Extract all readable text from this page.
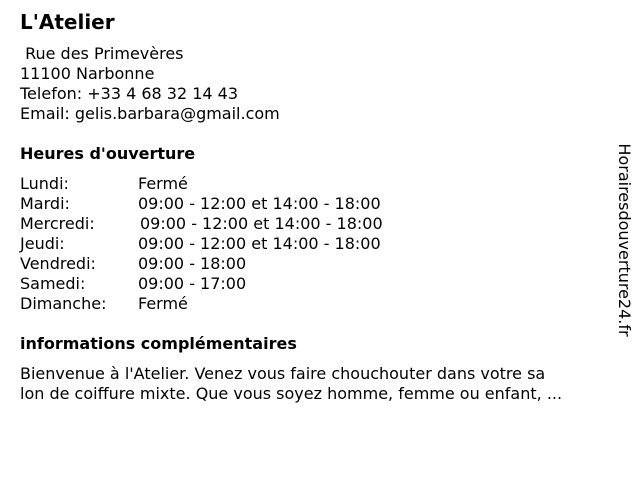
L'Atelier
Rue des Primevères
11100 Narbonne
Telefon: +33 4 68 32 14 43
Email: gelis.barbara@gmail.com
Heures d'ouverture
Lundi:	Fermé
Mardi:	09:00 - 12:00 et 14:00 - 18:00
Mercredi:	09:00 - 12:00 et 14:00 - 18:00
Jeudi:	09:00 - 12:00 et 14:00 - 18:00
Vendredi:	09:00 - 18:00
Samedi:	09:00 - 17:00
Dimanche: Fermé
informations complémentaires
Bienvenue à l'Atelier. Venez vous faire chouchouter dans votre sa
lon de coiffure mixte. Que vous soyez homme, femme ou enfant, ...
Horairesdouverture24.fr
